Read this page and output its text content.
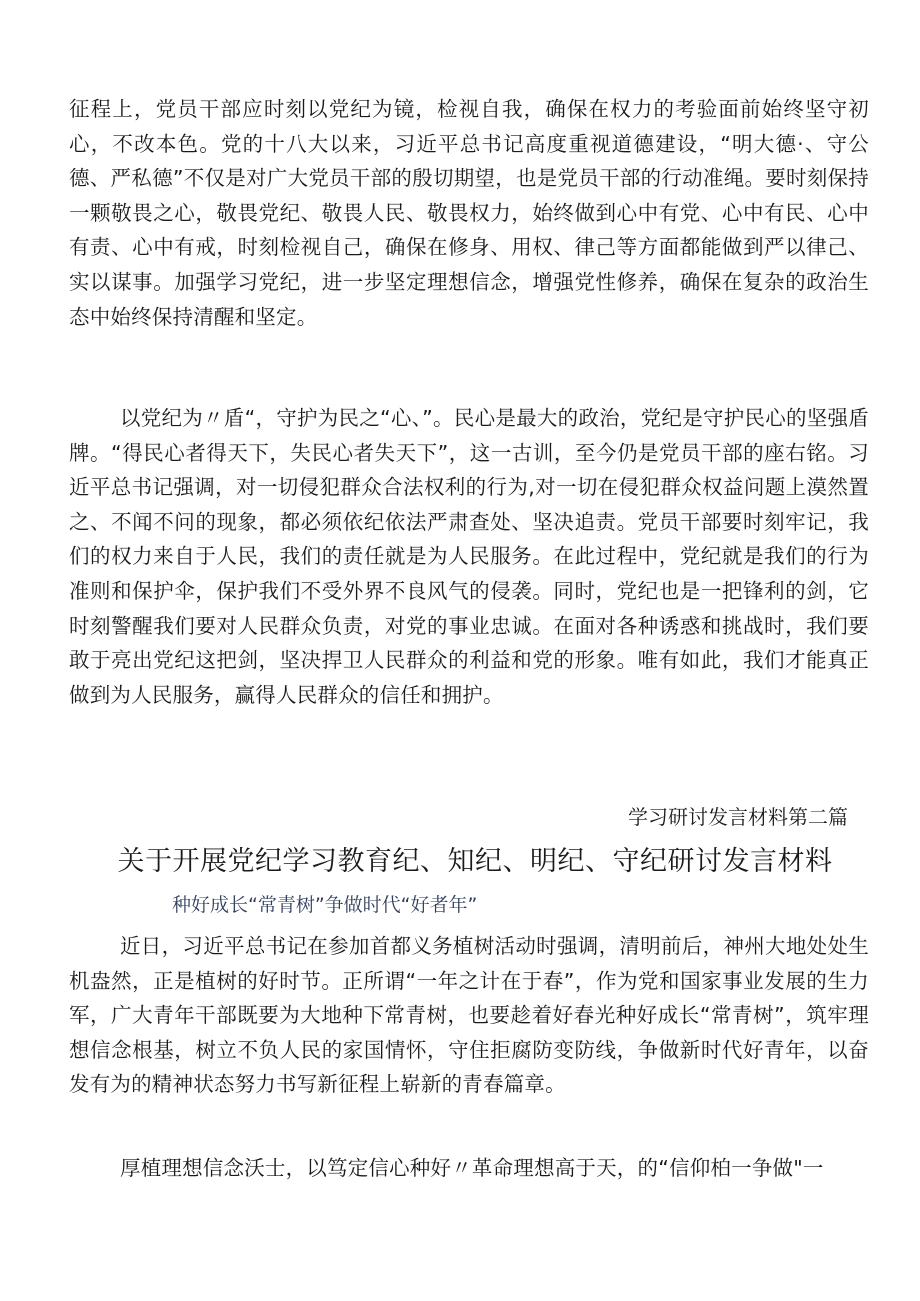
征程上，党员干部应时刻以党纪为镜，检视自我，确保在权力的考验面前始终坚守初心，不改本色。党的十八大以来，习近平总书记高度重视道德建设，“明大德·、守公德、严私德”不仅是对广大党员干部的殷切期望，也是党员干部的行动准绳。要时刻保持一颗敬畏之心，敬畏党纪、敬畏人民、敬畏权力，始终做到心中有党、心中有民、心中有责、心中有戒，时刻检视自己，确保在修身、用权、律己等方面都能做到严以律己、实以谋事。加强学习党纪，进一步坚定理想信念，增强党性修养，确保在复杂的政治生态中始终保持清醒和坚定。

以党纪为〃盾“，守护为民之“心、”。民心是最大的政治，党纪是守护民心的坚强盾牌。“得民心者得天下，失民心者失天下”，这一古训，至今仍是党员干部的座右铭。习近平总书记强调，对一切侵犯群众合法权利的行为,对一切在侵犯群众权益问题上漠然置之、不闻不问的现象，都必须依纪依法严肃查处、坚决追责。党员干部要时刻牢记，我们的权力来自于人民，我们的责任就是为人民服务。在此过程中，党纪就是我们的行为准则和保护伞，保护我们不受外界不良风气的侵袭。同时，党纪也是一把锋利的剑，它时刻警醒我们要对人民群众负责，对党的事业忠诚。在面对各种诱惑和挑战时，我们要敢于亮出党纪这把剑，坚决捍卫人民群众的利益和党的形象。唯有如此，我们才能真正做到为人民服务，赢得人民群众的信任和拥护。

学习研讨发言材料第二篇

关于开展党纪学习教育纪、知纪、明纪、守纪研讨发言材料

种好成长“常青树”争做时代“好者年”

近日，习近平总书记在参加首都义务植树活动时强调，清明前后，神州大地处处生机盎然，正是植树的好时节。正所谓“一年之计在于春”，作为党和国家事业发展的生力军，广大青年干部既要为大地种下常青树，也要趁着好春光种好成长“常青树”，筑牢理想信念根基，树立不负人民的家国情怀，守住拒腐防变防线，争做新时代好青年，以奋发有为的精神状态努力书写新征程上崭新的青春篇章。

厚植理想信念沃士，以笃定信心种好〃革命理想高于天，的“信仰柏一争做"一
